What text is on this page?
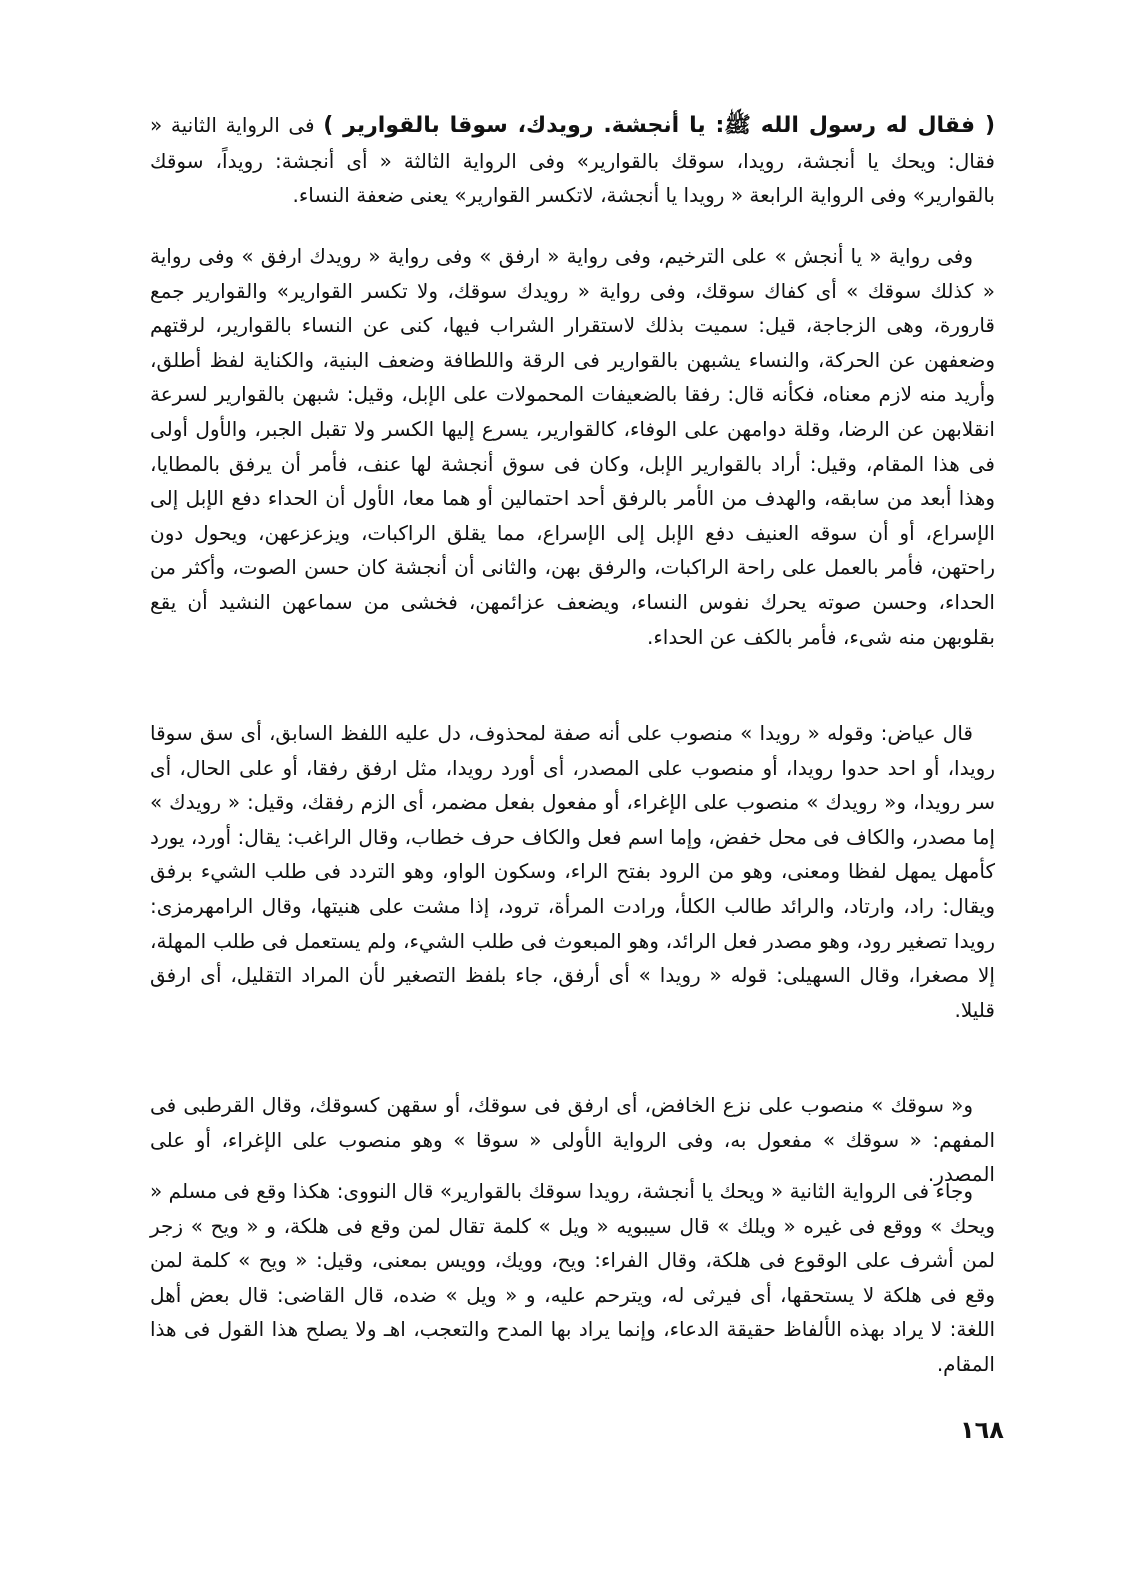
( فقال له رسول الله ﷺ: يا أنجشة. رويدك، سوقا بالقوارير ) فى الرواية الثانية « فقال: ويحك يا أنجشة، رويدا، سوقك بالقوارير» وفى الرواية الثالثة « أى أنجشة: رويداً، سوقك بالقوارير» وفى الرواية الرابعة « رويدا يا أنجشة، لاتكسر القوارير» يعنى ضعفة النساء.

وفى رواية « يا أنجش » على الترخيم، وفى رواية « ارفق » وفى رواية « رويدك ارفق » وفى رواية « كذلك سوقك » أى كفاك سوقك، وفى رواية « رويدك سوقك، ولا تكسر القوارير» والقوارير جمع قارورة، وهى الزجاجة، قيل: سميت بذلك لاستقرار الشراب فيها، كنى عن النساء بالقوارير، لرقتهم وضعفهن عن الحركة، والنساء يشبهن بالقوارير فى الرقة واللطافة وضعف البنية، والكناية لفظ أطلق، وأريد منه لازم معناه، فكأنه قال: رفقا بالضعيفات المحمولات على الإبل، وقيل: شبهن بالقوارير لسرعة انقلابهن عن الرضا، وقلة دوامهن على الوفاء، كالقوارير، يسرع إليها الكسر ولا تقبل الجبر، والأول أولى فى هذا المقام، وقيل: أراد بالقوارير الإبل، وكان فى سوق أنجشة لها عنف، فأمر أن يرفق بالمطايا، وهذا أبعد من سابقه، والهدف من الأمر بالرفق أحد احتمالين أو هما معا، الأول أن الحداء دفع الإبل إلى الإسراع، أو أن سوقه العنيف دفع الإبل إلى الإسراع، مما يقلق الراكبات، ويزعزعهن، ويحول دون راحتهن، فأمر بالعمل على راحة الراكبات، والرفق بهن، والثانى أن أنجشة كان حسن الصوت، وأكثر من الحداء، وحسن صوته يحرك نفوس النساء، ويضعف عزائمهن، فخشى من سماعهن النشيد أن يقع بقلوبهن منه شىء، فأمر بالكف عن الحداء.

قال عياض: وقوله « رويدا » منصوب على أنه صفة لمحذوف، دل عليه اللفظ السابق، أى سق سوقا رويدا، أو احد حدوا رويدا، أو منصوب على المصدر، أى أورد رويدا، مثل ارفق رفقا، أو على الحال، أى سر رويدا، و« رويدك » منصوب على الإغراء، أو مفعول بفعل مضمر، أى الزم رفقك، وقيل: « رويدك » إما مصدر، والكاف فى محل خفض، وإما اسم فعل والكاف حرف خطاب، وقال الراغب: يقال: أورد، يورد كأمهل يمهل لفظا ومعنى، وهو من الرود بفتح الراء، وسكون الواو، وهو التردد فى طلب الشيء برفق ويقال: راد، وارتاد، والرائد طالب الكلأ، ورادت المرأة، ترود، إذا مشت على هنيتها، وقال الرامهرمزى: رويدا تصغير رود، وهو مصدر فعل الرائد، وهو المبعوث فى طلب الشيء، ولم يستعمل فى طلب المهلة، إلا مصغرا، وقال السهيلى: قوله « رويدا » أى أرفق، جاء بلفظ التصغير لأن المراد التقليل، أى ارفق قليلا.

و« سوقك » منصوب على نزع الخافض، أى ارفق فى سوقك، أو سقهن كسوقك، وقال القرطبى فى المفهم: « سوقك » مفعول به، وفى الرواية الأولى « سوقا » وهو منصوب على الإغراء، أو على المصدر.

وجاء فى الرواية الثانية « ويحك يا أنجشة، رويدا سوقك بالقوارير» قال النووى: هكذا وقع فى مسلم « ويحك » ووقع فى غيره « ويلك » قال سيبويه « ويل » كلمة تقال لمن وقع فى هلكة، و « ويح » زجر لمن أشرف على الوقوع فى هلكة، وقال الفراء: ويح، وويك، وويس بمعنى، وقيل: « ويح » كلمة لمن وقع فى هلكة لا يستحقها، أى فيرثى له، ويترحم عليه، و « ويل » ضده، قال القاضى: قال بعض أهل اللغة: لا يراد بهذه الألفاظ حقيقة الدعاء، وإنما يراد بها المدح والتعجب، اهـ ولا يصلح هذا القول فى هذا المقام.

١٦٨
